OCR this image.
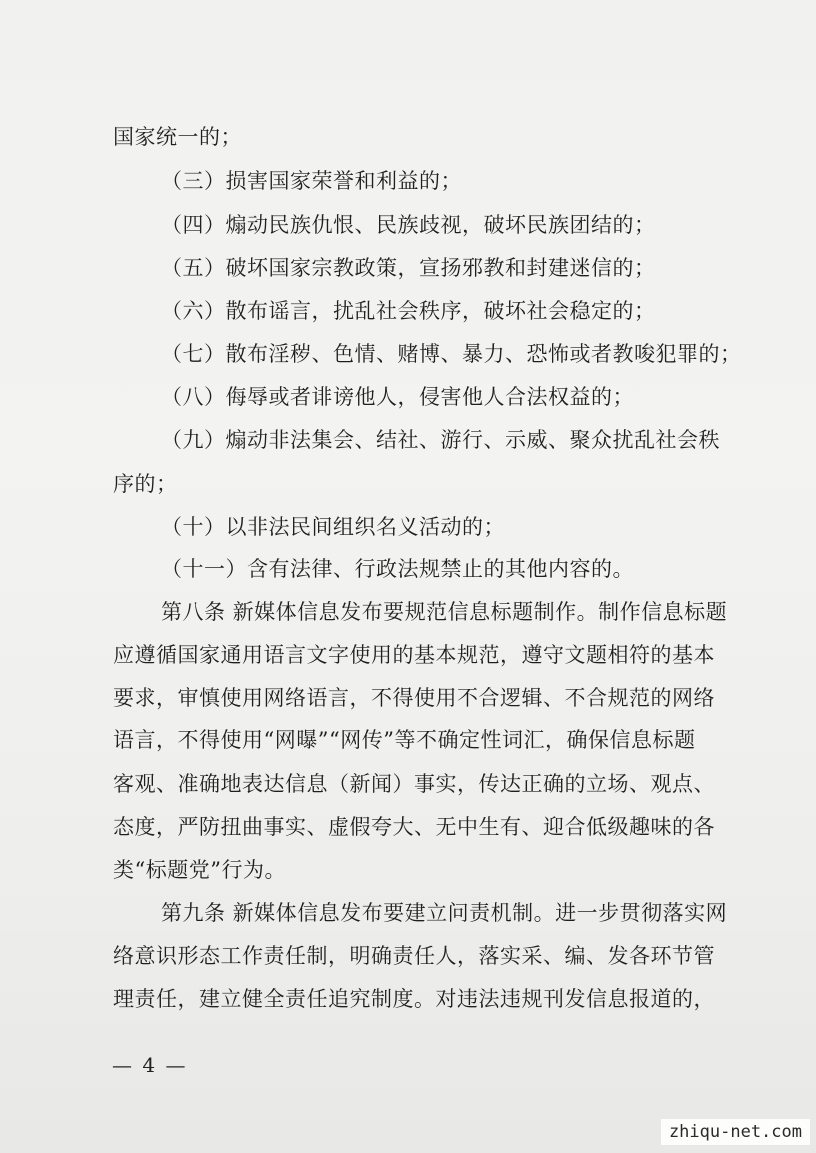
国家统一的；
（三）损害国家荣誉和利益的；
（四）煽动民族仇恨、民族歧视，破坏民族团结的；
（五）破坏国家宗教政策，宣扬邪教和封建迷信的；
（六）散布谣言，扰乱社会秩序，破坏社会稳定的；
（七）散布淫秽、色情、赌博、暴力、恐怖或者教唆犯罪的；
（八）侮辱或者诽谤他人，侵害他人合法权益的；
（九）煽动非法集会、结社、游行、示威、聚众扰乱社会秩
序的；
（十）以非法民间组织名义活动的；
（十一）含有法律、行政法规禁止的其他内容的。
第八条 新媒体信息发布要规范信息标题制作。制作信息标题
应遵循国家通用语言文字使用的基本规范，遵守文题相符的基本
要求，审慎使用网络语言，不得使用不合逻辑、不合规范的网络
语言，不得使用“网曝”“网传”等不确定性词汇，确保信息标题
客观、准确地表达信息（新闻）事实，传达正确的立场、观点、
态度，严防扭曲事实、虚假夸大、无中生有、迎合低级趣味的各
类“标题党”行为。
第九条 新媒体信息发布要建立问责机制。进一步贯彻落实网
络意识形态工作责任制，明确责任人，落实采、编、发各环节管
理责任，建立健全责任追究制度。对违法违规刊发信息报道的，
— 4 —
zhiqu-net.com
